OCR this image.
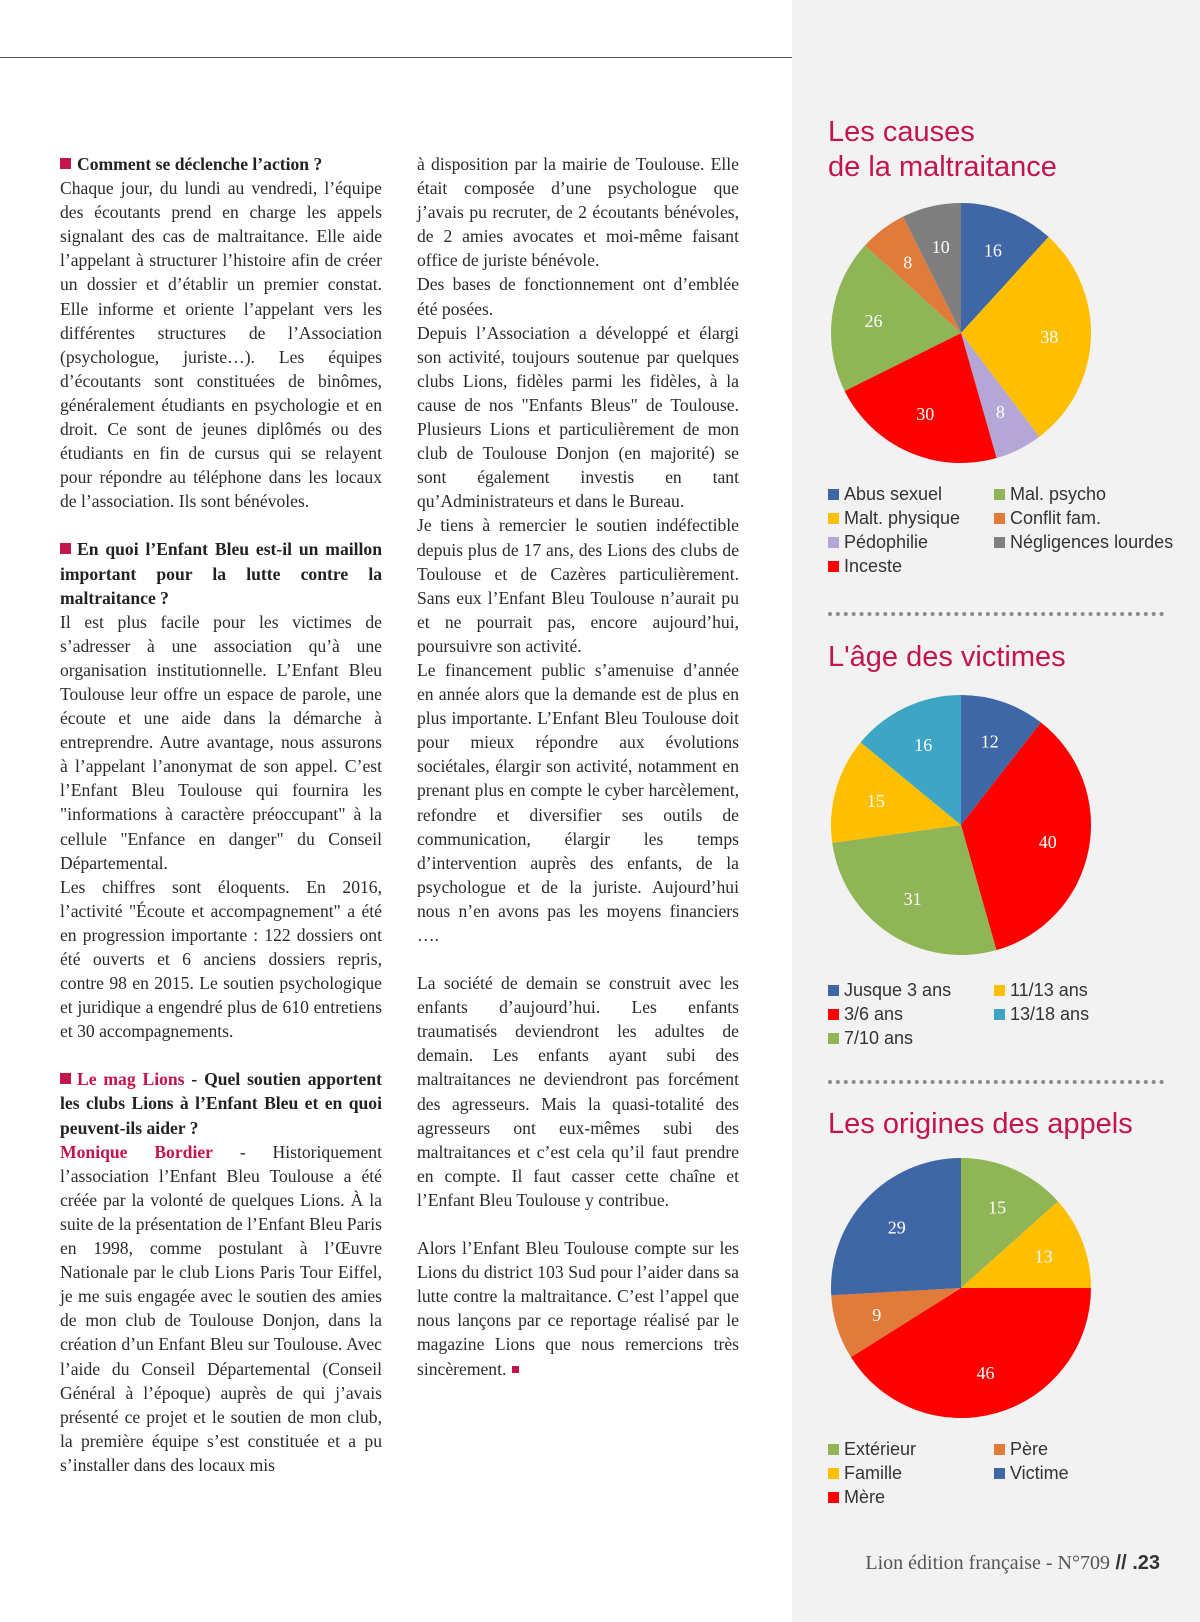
Comment se déclenche l’action ?

Chaque jour, du lundi au vendredi, l’équipe des écoutants prend en charge les appels signalant des cas de maltraitance. Elle aide l’appelant à structurer l’histoire afin de créer un dossier et d’établir un premier constat. Elle informe et oriente l’appelant vers les différentes structures de l’Association (psychologue, juriste…). Les équipes d’écoutants sont constituées de binômes, généralement étudiants en psychologie et en droit. Ce sont de jeunes diplômés ou des étudiants en fin de cursus qui se relayent pour répondre au téléphone dans les locaux de l’association. Ils sont bénévoles.

En quoi l’Enfant Bleu est-il un maillon important pour la lutte contre la maltraitance ?

Il est plus facile pour les victimes de s’adresser à une association qu’à une organisation institutionnelle. L’Enfant Bleu Toulouse leur offre un espace de parole, une écoute et une aide dans la démarche à entreprendre. Autre avantage, nous assurons à l’appelant l’anonymat de son appel. C’est l’Enfant Bleu Toulouse qui fournira les "informations à caractère préoccupant" à la cellule "Enfance en danger" du Conseil Départemental.

Les chiffres sont éloquents. En 2016, l’activité "Écoute et accompagnement" a été en progression importante : 122 dossiers ont été ouverts et 6 anciens dossiers repris, contre 98 en 2015. Le soutien psychologique et juridique a engendré plus de 610 entretiens et 30 accompagnements.

Le mag Lions - Quel soutien apportent les clubs Lions à l’Enfant Bleu et en quoi peuvent-ils aider ?

Monique Bordier - Historiquement l’association l’Enfant Bleu Toulouse a été créée par la volonté de quelques Lions. À la suite de la présentation de l’Enfant Bleu Paris en 1998, comme postulant à l’Œuvre Nationale par le club Lions Paris Tour Eiffel, je me suis engagée avec le soutien des amies de mon club de Toulouse Donjon, dans la création d’un Enfant Bleu sur Toulouse. Avec l’aide du Conseil Départemental (Conseil Général à l’époque) auprès de qui j’avais présenté ce projet et le soutien de mon club, la première équipe s’est constituée et a pu s’installer dans des locaux mis

à disposition par la mairie de Toulouse. Elle était composée d’une psychologue que j’avais pu recruter, de 2 écoutants bénévoles, de 2 amies avocates et moi-même faisant office de juriste bénévole.

Des bases de fonctionnement ont d’emblée été posées.

Depuis l’Association a développé et élargi son activité, toujours soutenue par quelques clubs Lions, fidèles parmi les fidèles, à la cause de nos "Enfants Bleus" de Toulouse. Plusieurs Lions et particulièrement de mon club de Toulouse Donjon (en majorité) se sont également investis en tant qu’Administrateurs et dans le Bureau.

Je tiens à remercier le soutien indéfectible depuis plus de 17 ans, des Lions des clubs de Toulouse et de Cazères particulièrement. Sans eux l’Enfant Bleu Toulouse n’aurait pu et ne pourrait pas, encore aujourd’hui, poursuivre son activité.

Le financement public s’amenuise d’année en année alors que la demande est de plus en plus importante. L’Enfant Bleu Toulouse doit pour mieux répondre aux évolutions sociétales, élargir son activité, notamment en prenant plus en compte le cyber harcèlement, refondre et diversifier ses outils de communication, élargir les temps d’intervention auprès des enfants, de la psychologue et de la juriste. Aujourd’hui nous n’en avons pas les moyens financiers ….

La société de demain se construit avec les enfants d’aujourd’hui. Les enfants traumatisés deviendront les adultes de demain. Les enfants ayant subi des maltraitances ne deviendront pas forcément des agresseurs. Mais la quasi-totalité des agresseurs ont eux-mêmes subi des maltraitances et c’est cela qu’il faut prendre en compte. Il faut casser cette chaîne et l’Enfant Bleu Toulouse y contribue.

Alors l’Enfant Bleu Toulouse compte sur les Lions du district 103 Sud pour l’aider dans sa lutte contre la maltraitance. C’est l’appel que nous lançons par ce reportage réalisé par le magazine Lions que nous remercions très sincèrement.

Les causes
de la maltraitance
16
38
8
30
26
8
10
Abus sexuel	Mal. psycho
Malt. physique	Conflit fam.
Pédophilie	Négligences lourdes
Inceste
L'âge des victimes
12
40
31
15
16
Jusque 3 ans	11/13 ans
3/6 ans	13/18 ans
7/10 ans
Les origines des appels
15
13
46
9
29
Extérieur	Père
Famille	Victime
Mère
Lion édition française - N°709 // .23
